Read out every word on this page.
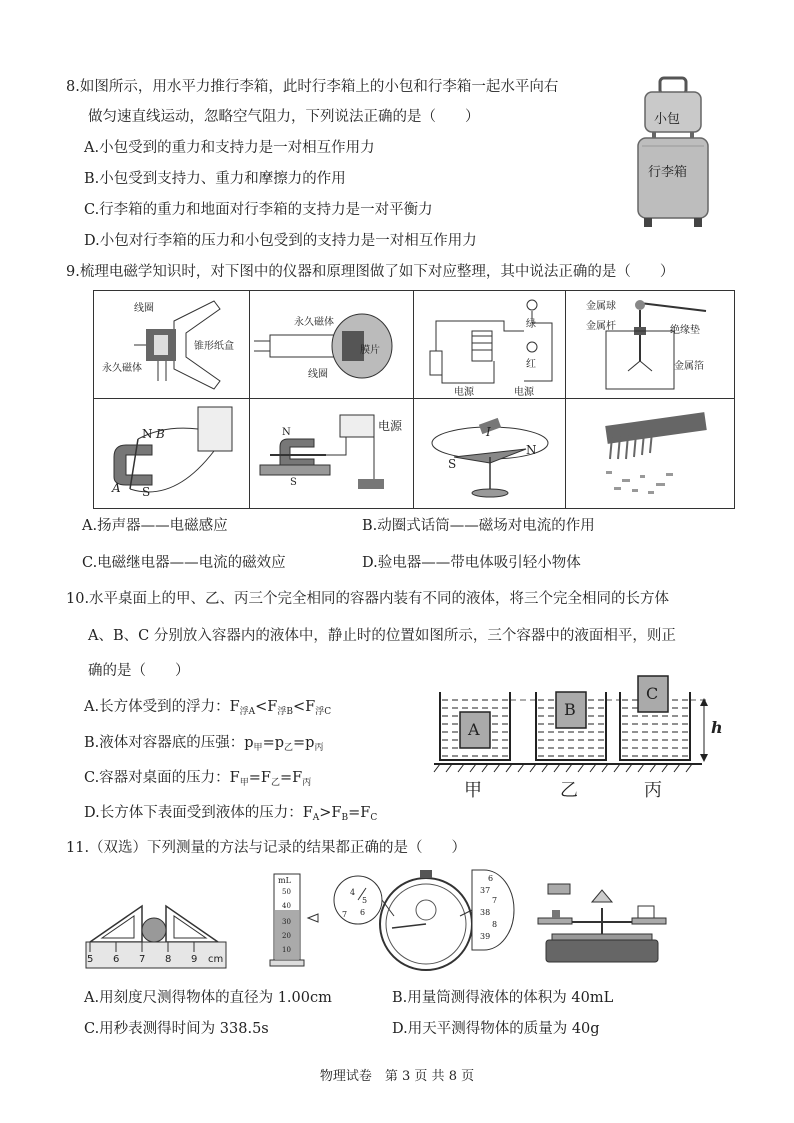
8.如图所示，用水平力推行李箱，此时行李箱上的小包和行李箱一起水平向右
做匀速直线运动，忽略空气阻力，下列说法正确的是（　　）
A.小包受到的重力和支持力是一对相互作用力
B.小包受到支持力、重力和摩擦力的作用
C.行李箱的重力和地面对行李箱的支持力是一对平衡力
D.小包对行李箱的压力和小包受到的支持力是一对相互作用力
小包
行李箱
9.梳理电磁学知识时，对下图中的仪器和原理图做了如下对应整理，其中说法正确的是（　　）
线圈
锥形纸盒
永久磁体
永久磁体
膜片
线圈
绿
红
电源	电源
金属球
金属杆	绝缘垫
金属箔
N B
A S
N
S
电源	I
S
N
A.扬声器——电磁感应	B.动圈式话筒——磁场对电流的作用
C.电磁继电器——电流的磁效应	D.验电器——带电体吸引轻小物体
10.水平桌面上的甲、乙、丙三个完全相同的容器内装有不同的液体，将三个完全相同的长方体
A、B、C 分别放入容器内的液体中，静止时的位置如图所示，三个容器中的液面相平，则正
确的是（　　）
A.长方体受到的浮力：$F_{浮A}<F_{浮B}<F_{浮C}$
B.液体对容器底的压强：$p_甲=p_乙=p_丙$
C.容器对桌面的压力：$F_甲=F_乙=F_丙$
D.长方体下表面受到液体的压力：$F_A>F_B=F_C$
A
B
C
h
甲	乙	丙
11.（双选）下列测量的方法与记录的结果都正确的是（　　）
5 6 7 8 9 cm
mL
50
40
30
20
10
4
5
6
7
6
37
7
38
8
39
A.用刻度尺测得物体的直径为 1.00cm	B.用量筒测得液体的体积为 40mL
C.用秒表测得时间为 338.5s	D.用天平测得物体的质量为 40g
物理试卷　第 3 页 共 8 页
